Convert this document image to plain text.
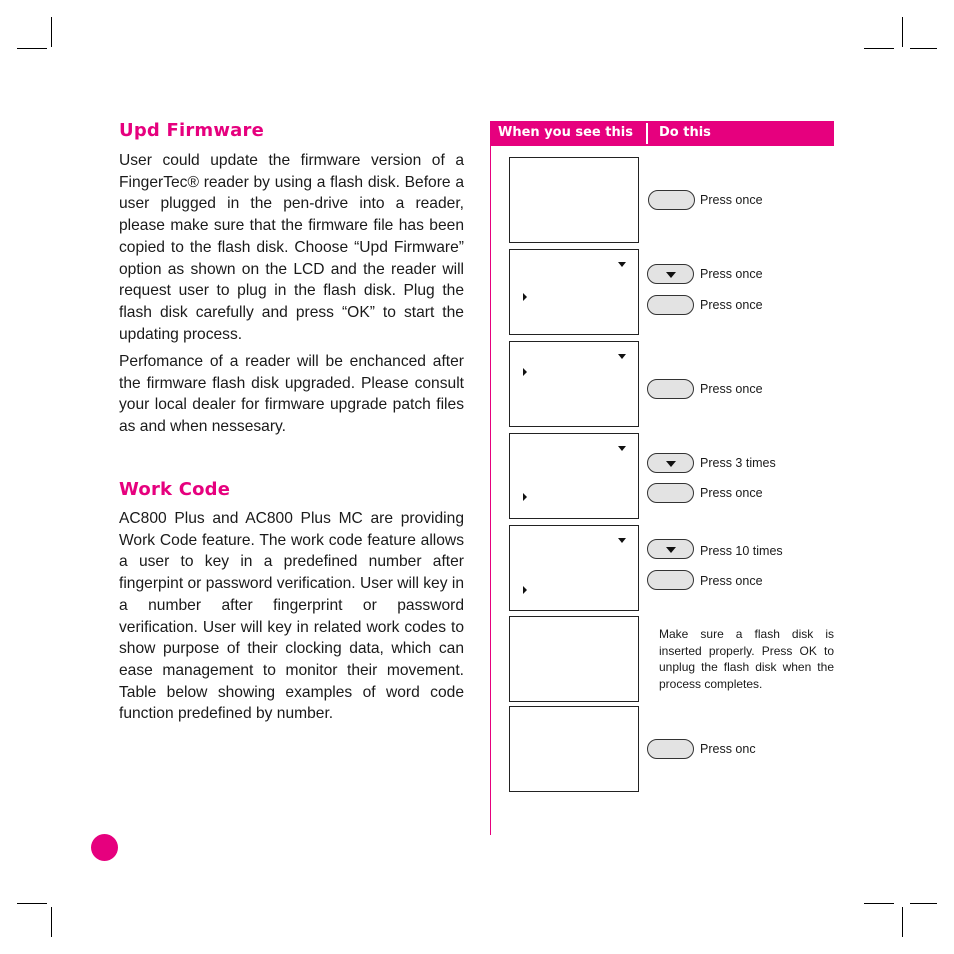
Upd Firmware

User could update the firmware version of a FingerTec® reader by using a flash disk. Before a user plugged in the pen-drive into a reader, please make sure that the firmware file has been copied to the flash disk. Choose “Upd Firmware” option as shown on the LCD and the reader will request user to plug in the flash disk. Plug the flash disk carefully and press “OK” to start the updating process.

Perfomance of a reader will be enchanced after the firmware flash disk upgraded. Please consult your local dealer for firmware upgrade patch files as and when nessesary.

Work Code

AC800 Plus and AC800 Plus MC are providing Work Code feature. The work code feature allows a user to key in a predefined number after fingerpint or password verification. User will key in a number after fingerprint or password verification. User will key in related work codes to show purpose of their clocking data, which can ease management to monitor their movement. Table below showing examples of word code function predefined by number.

When you see this Do this
Press once
Press once
Press once
Press once
Press 3 times
Press once
Press 10 times
Press once
Make sure a flash disk is inserted properly. Press OK to unplug the flash disk when the process completes.
Press onc
